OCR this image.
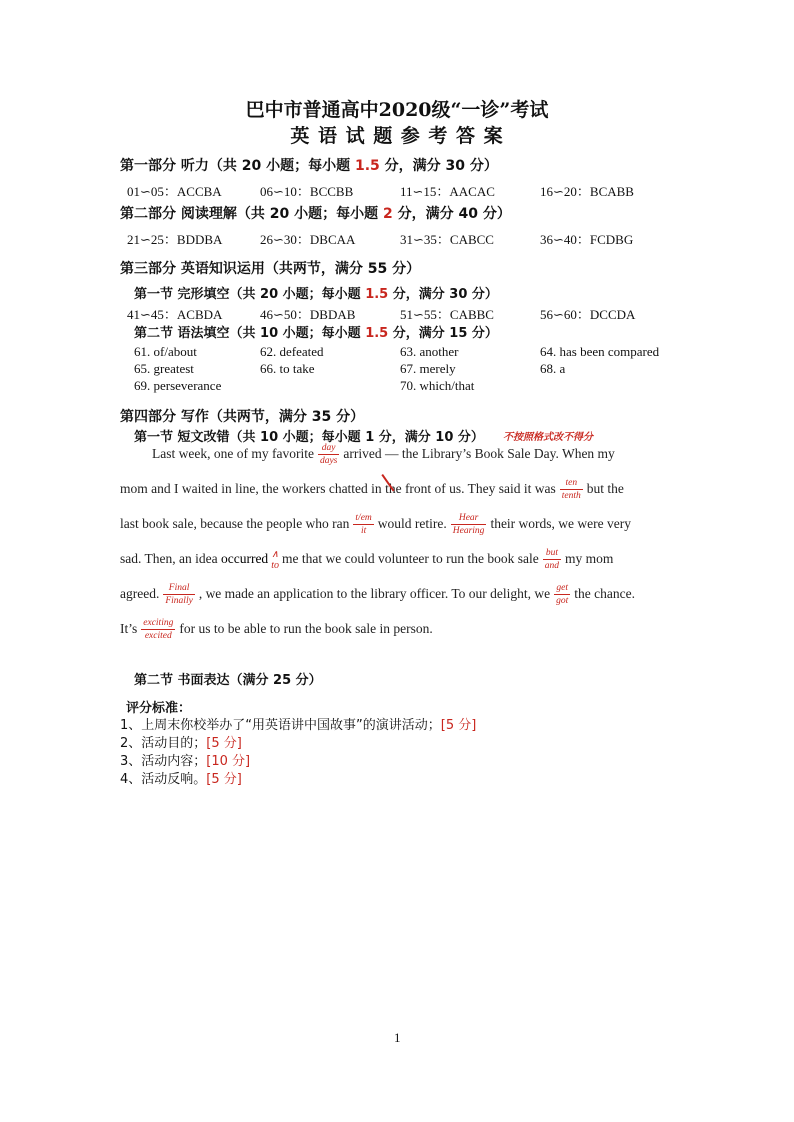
巴中市普通高中2020级“一诊”考试
英 语 试 题 参 考 答 案
第一部分 听力（共 20 小题；每小题 1.5 分，满分 30 分）
01∽05：ACCBA	06∽10：BCCBB	11∽15：AACAC	16∽20：BCABB
第二部分 阅读理解（共 20 小题；每小题 2 分，满分 40 分）
21∽25：BDDBA	26∽30：DBCAA	31∽35：CABCC	36∽40：FCDBG
第三部分 英语知识运用（共两节，满分 55 分）
第一节 完形填空（共 20 小题；每小题 1.5 分，满分 30 分）
41∽45：ACBDA	46∽50：DBDAB	51∽55：CABBC	56∽60：DCCDA
第二节 语法填空（共 10 小题；每小题 1.5 分，满分 15 分）
61. of/about	62. defeated	63. another	64. has been compared
65. greatest	66. to take	67. merely	68. a
69. perseverance	70. which/that
第四部分 写作（共两节，满分 35 分）
第一节 短文改错（共 10 小题；每小题 1 分，满分 10 分） 不按照格式改不得分
Last week, one of my favorite $\frac{\text{day}}{\text{days}}$ arrived — the Library’s Book Sale Day. When my
mom and I waited in line, the workers chatted in the front of us. They said it was $\frac{\text{ten}}{\text{tenth}}$ but the
last book sale, because the people who ran $\frac{t/em}{it}$ would retire. $\frac{\text{Hear}}{\text{Hearing}}$ their words, we were very
sad. Then, an idea occurred ∧
to me that we could volunteer to run the book sale $\frac{\text{but}}{\text{and}}$ my mom
agreed. $\frac{\text{Final}}{\text{Finally}}$ , we made an application to the library officer. To our delight, we $\frac{\text{get}}{\text{got}}$ the chance.
It’s $\frac{\text{exciting}}{\text{excited}}$ for us to be able to run the book sale in person.
第二节 书面表达（满分 25 分）
评分标准：
1、上周末你校举办了“用英语讲中国故事”的演讲活动；[5 分]
2、活动目的；[5 分]
3、活动内容；[10 分]
4、活动反响。[5 分]
1
